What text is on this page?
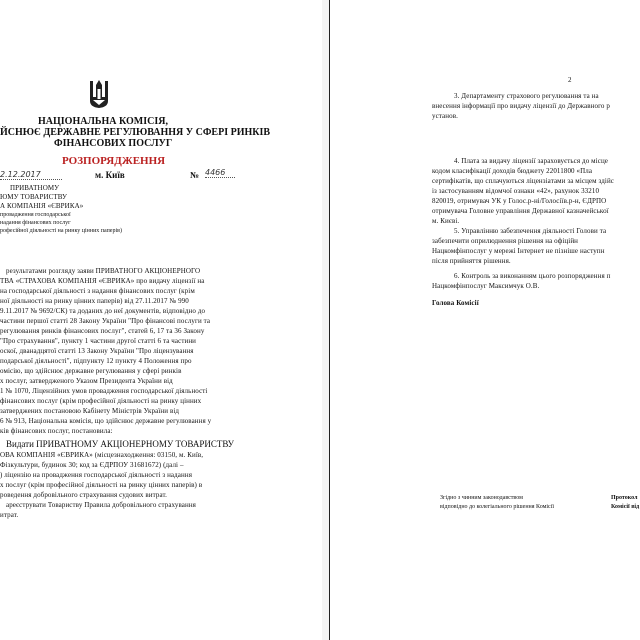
НАЦІОНАЛЬНА КОМІСІЯ,
ЙСНЮЄ ДЕРЖАВНЕ РЕГУЛЮВАННЯ У СФЕРІ РИНКІВ
ФІНАНСОВИХ ПОСЛУГ
РОЗПОРЯДЖЕННЯ
2.12.2017	м. Київ	№ 4466
ПРИВАТНОМУ
ЮМУ ТОВАРИСТВУ
А КОМПАНІЯ «ЄВРИКА»
провадження господарської
надання фінансових послуг
рофесійної діяльності на ринку цінних паперів)
результатами розгляду заяви ПРИВАТНОГО АКЦІОНЕРНОГО
ТВА «СТРАХОВА КОМПАНІЯ «ЄВРИКА» про видачу ліцензії на
на господарської діяльності з надання фінансових послуг (крім
ної діяльності на ринку цінних паперів) від 27.11.2017 № 990
9.11.2017 № 9692/СК) та доданих до неї документів, відповідно до
частини першої статті 28 Закону України "Про фінансові послуги та
регулювання ринків фінансових послуг", статей 6, 17 та 36 Закону
"Про страхування", пункту 1 частини другої статті 6 та частини
оскої, дванадцятої статті 13 Закону України "Про ліцензування
подарської діяльності", підпункту 12 пункту 4 Положення про
омісію, що здійснює державне регулювання у сфері ринків
х послуг, затвердженого Указом Президента України від
1 № 1070, Ліцензійних умов провадження господарської діяльності
фінансових послуг (крім професійної діяльності на ринку цінних
затверджених постановою Кабінету Міністрів України від
6 № 913, Національна комісія, що здійснює державне регулювання у
ків фінансових послуг, постановила:
Видати ПРИВАТНОМУ АКЦІОНЕРНОМУ ТОВАРИСТВУ
ОВА КОМПАНІЯ «ЄВРИКА» (місцезнаходження: 03150, м. Київ,
Фізкультури, будинок 30; код за ЄДРПОУ 31681672) (далі –
) ліцензію на провадження господарської діяльності з надання
х послуг (крім професійної діяльності на ринку цінних паперів) в
роведення добровільного страхування судових витрат.
ареєструвати Товариству Правила добровільного страхування
итрат.
2
3. Департаменту страхового регулювання та на
внесення інформації про видачу ліцензії до Державного р
установ.
4. Плата за видачу ліцензії зараховується до місце
кодом класифікації доходів бюджету 22011800 «Пла
сертифікатів, що сплачуються ліцензіатами за місцем здійс
із застосуванням відомчої ознаки «42», рахунок 33210
820019, отримувач УК у Голос.р-ні/Голосіїв.р-н, ЄДРПО
отримувача Головне управління Державної казначейської
м. Києві.
5. Управлінню забезпечення діяльності Голови та
забезпечити оприлюднення рішення на офіційн
Нацкомфінпослуг у мережі Інтернет не пізніше наступн
після прийняття рішення.
6. Контроль за виконанням цього розпорядження п
Нацкомфінпослуг Максимчук О.В.
Голова Комісії
Згідно з чинним законодавством
відповідно до колегіального рішення Комісії
Протокол
Комісії від
